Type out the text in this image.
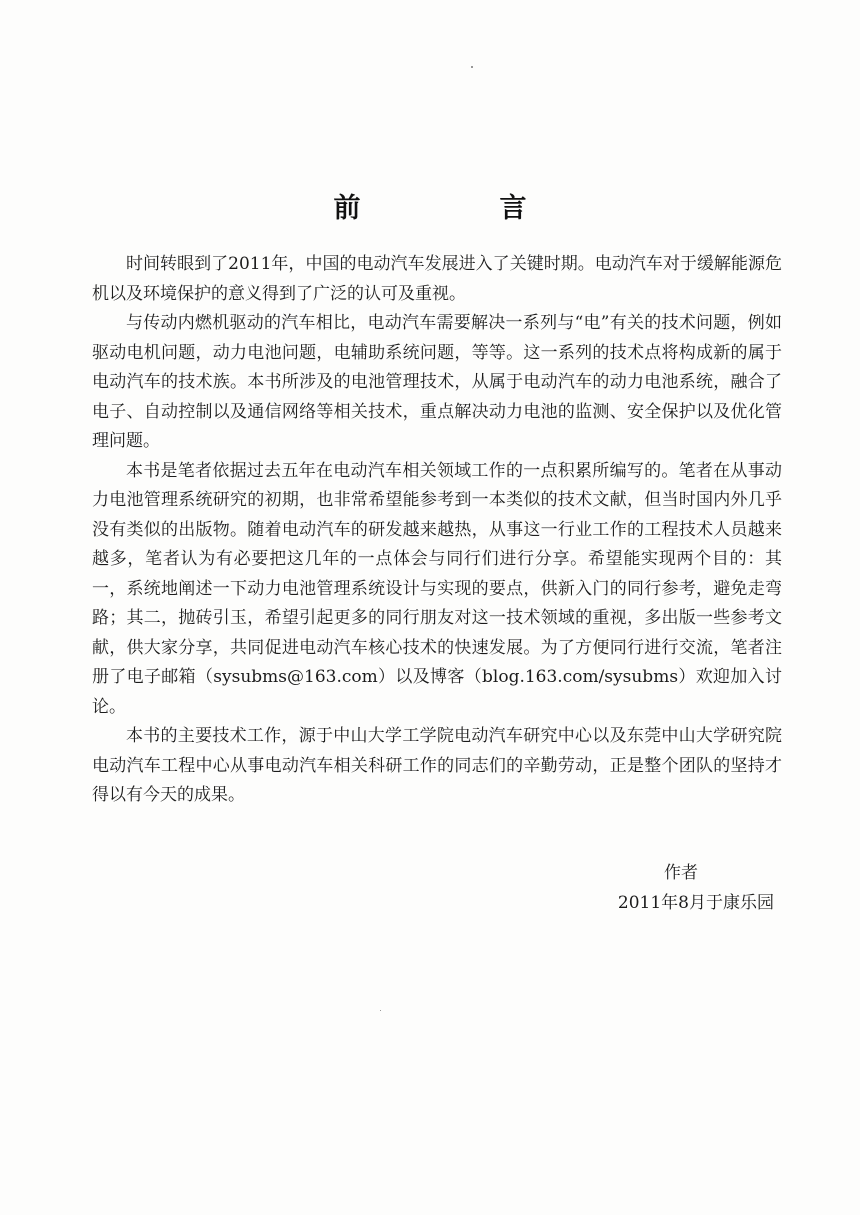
前　言

时间转眼到了2011年，中国的电动汽车发展进入了关键时期。电动汽车对于缓解能源危机以及环境保护的意义得到了广泛的认可及重视。

与传动内燃机驱动的汽车相比，电动汽车需要解决一系列与“电”有关的技术问题，例如驱动电机问题，动力电池问题，电辅助系统问题，等等。这一系列的技术点将构成新的属于电动汽车的技术族。本书所涉及的电池管理技术，从属于电动汽车的动力电池系统，融合了电子、自动控制以及通信网络等相关技术，重点解决动力电池的监测、安全保护以及优化管理问题。

本书是笔者依据过去五年在电动汽车相关领域工作的一点积累所编写的。笔者在从事动力电池管理系统研究的初期，也非常希望能参考到一本类似的技术文献，但当时国内外几乎没有类似的出版物。随着电动汽车的研发越来越热，从事这一行业工作的工程技术人员越来越多，笔者认为有必要把这几年的一点体会与同行们进行分享。希望能实现两个目的：其一，系统地阐述一下动力电池管理系统设计与实现的要点，供新入门的同行参考，避免走弯路；其二，抛砖引玉，希望引起更多的同行朋友对这一技术领域的重视，多出版一些参考文献，供大家分享，共同促进电动汽车核心技术的快速发展。为了方便同行进行交流，笔者注册了电子邮箱（sysubms@163.com）以及博客（blog.163.com/sysubms）欢迎加入讨论。

本书的主要技术工作，源于中山大学工学院电动汽车研究中心以及东莞中山大学研究院电动汽车工程中心从事电动汽车相关科研工作的同志们的辛勤劳动，正是整个团队的坚持才得以有今天的成果。

作者
2011年8月于康乐园
